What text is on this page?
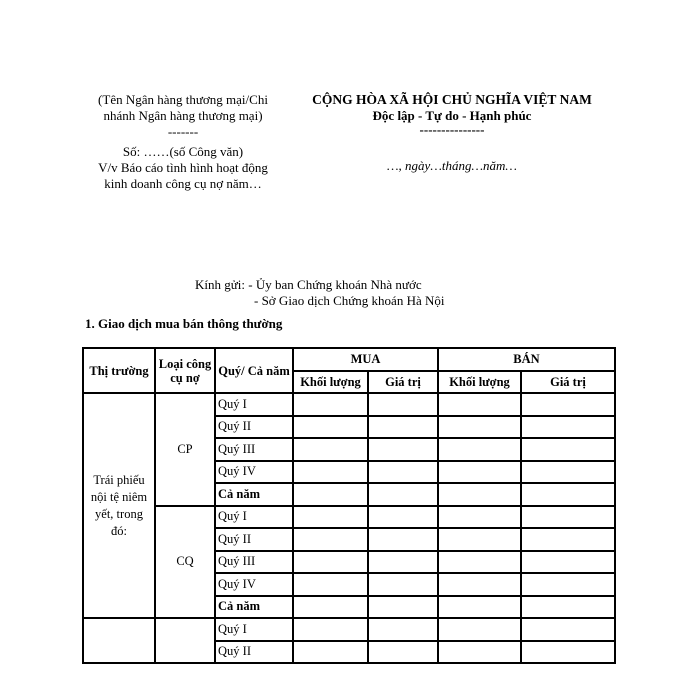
(Tên Ngân hàng thương mại/Chi nhánh Ngân hàng thương mại)
-------
Số: ……(số Công văn)
V/v Báo cáo tình hình hoạt động kinh doanh công cụ nợ năm…
CỘNG HÒA XÃ HỘI CHỦ NGHĨA VIỆT NAM
Độc lập - Tự do - Hạnh phúc
---------------
…, ngày…tháng…năm…
Kính gửi: - Ủy ban Chứng khoán Nhà nước
- Sở Giao dịch Chứng khoán Hà Nội
1. Giao dịch mua bán thông thường
Thị trường	Loại công cụ nợ	Quý/ Cả năm	MUA		BÁN	
			Khối lượng	Giá trị	Khối lượng	Giá trị
Trái phiếu nội tệ niêm yết, trong đó:	CP	Quý I				
		Quý II				
		Quý III				
		Quý IV				
		Cả năm				
	CQ	Quý I				
		Quý II				
		Quý III				
		Quý IV				
		Cả năm				
		Quý I				
		Quý II				
